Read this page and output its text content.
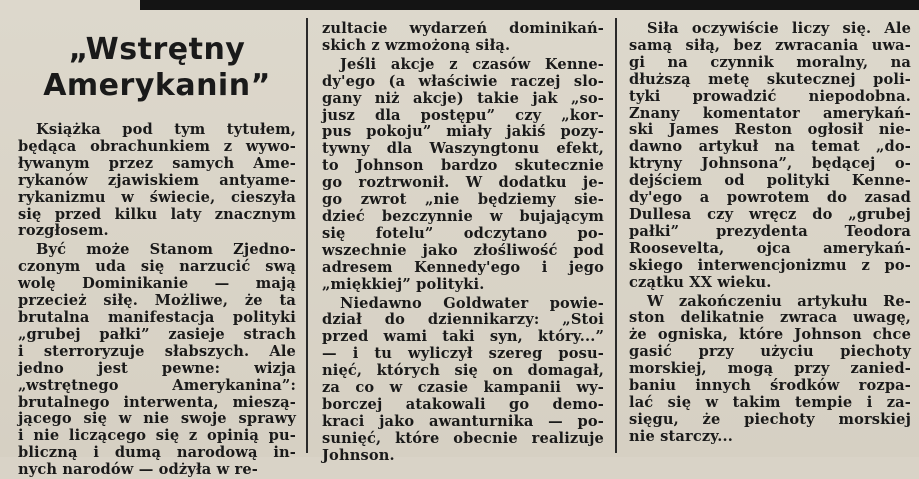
„Wstrętny
Amerykanin”

Książka pod tym tytułem,
będąca obrachunkiem z wywo-
ływanym przez samych Ame-
rykanów zjawiskiem antyame-
rykanizmu w świecie, cieszyła
się przed kilku laty znacznym
rozgłosem.

Być może Stanom Zjedno-
czonym uda się narzucić swą
wolę Dominikanie — mają
przecież siłę. Możliwe, że ta
brutalna manifestacja polityki
„grubej pałki” zasieje strach
i sterroryzuje słabszych. Ale
jedno jest pewne: wizja
„wstrętnego Amerykanina”:
brutalnego interwenta, mieszą-
jącego się w nie swoje sprawy
i nie liczącego się z opinią pu-
bliczną i dumą narodową in-
nych narodów — odżyła w re-

zultacie wydarzeń dominikań-
skich z wzmożoną siłą.

Jeśli akcje z czasów Kenne-
dy'ego (a właściwie raczej slo-
gany niż akcje) takie jak „so-
jusz dla postępu” czy „kor-
pus pokoju” miały jakiś pozy-
tywny dla Waszyngtonu efekt,
to Johnson bardzo skutecznie
go roztrwonił. W dodatku je-
go zwrot „nie będziemy sie-
dzieć bezczynnie w bujającym
się fotelu” odczytano po-
wszechnie jako złośliwość pod
adresem Kennedy'ego i jego
„miękkiej” polityki.

Niedawno Goldwater powie-
dział do dziennikarzy: „Stoi
przed wami taki syn, który...”
— i tu wyliczył szereg posu-
nięć, których się on domagał,
za co w czasie kampanii wy-
borczej atakowali go demo-
kraci jako awanturnika — po-
sunięć, które obecnie realizuje
Johnson.

Siła oczywiście liczy się. Ale
samą siłą, bez zwracania uwa-
gi na czynnik moralny, na
dłuższą metę skutecznej poli-
tyki prowadzić niepodobna.
Znany komentator amerykań-
ski James Reston ogłosił nie-
dawno artykuł na temat „do-
ktryny Johnsona”, będącej o-
dejściem od polityki Kenne-
dy'ego a powrotem do zasad
Dullesa czy wręcz do „grubej
pałki” prezydenta Teodora
Roosevelta, ojca amerykań-
skiego interwencjonizmu z po-
czątku XX wieku.

W zakończeniu artykułu Re-
ston delikatnie zwraca uwagę,
że ogniska, które Johnson chce
gasić przy użyciu piechoty
morskiej, mogą przy zanied-
baniu innych środków rozpa-
lać się w takim tempie i za-
sięgu, że piechoty morskiej
nie starczy...
